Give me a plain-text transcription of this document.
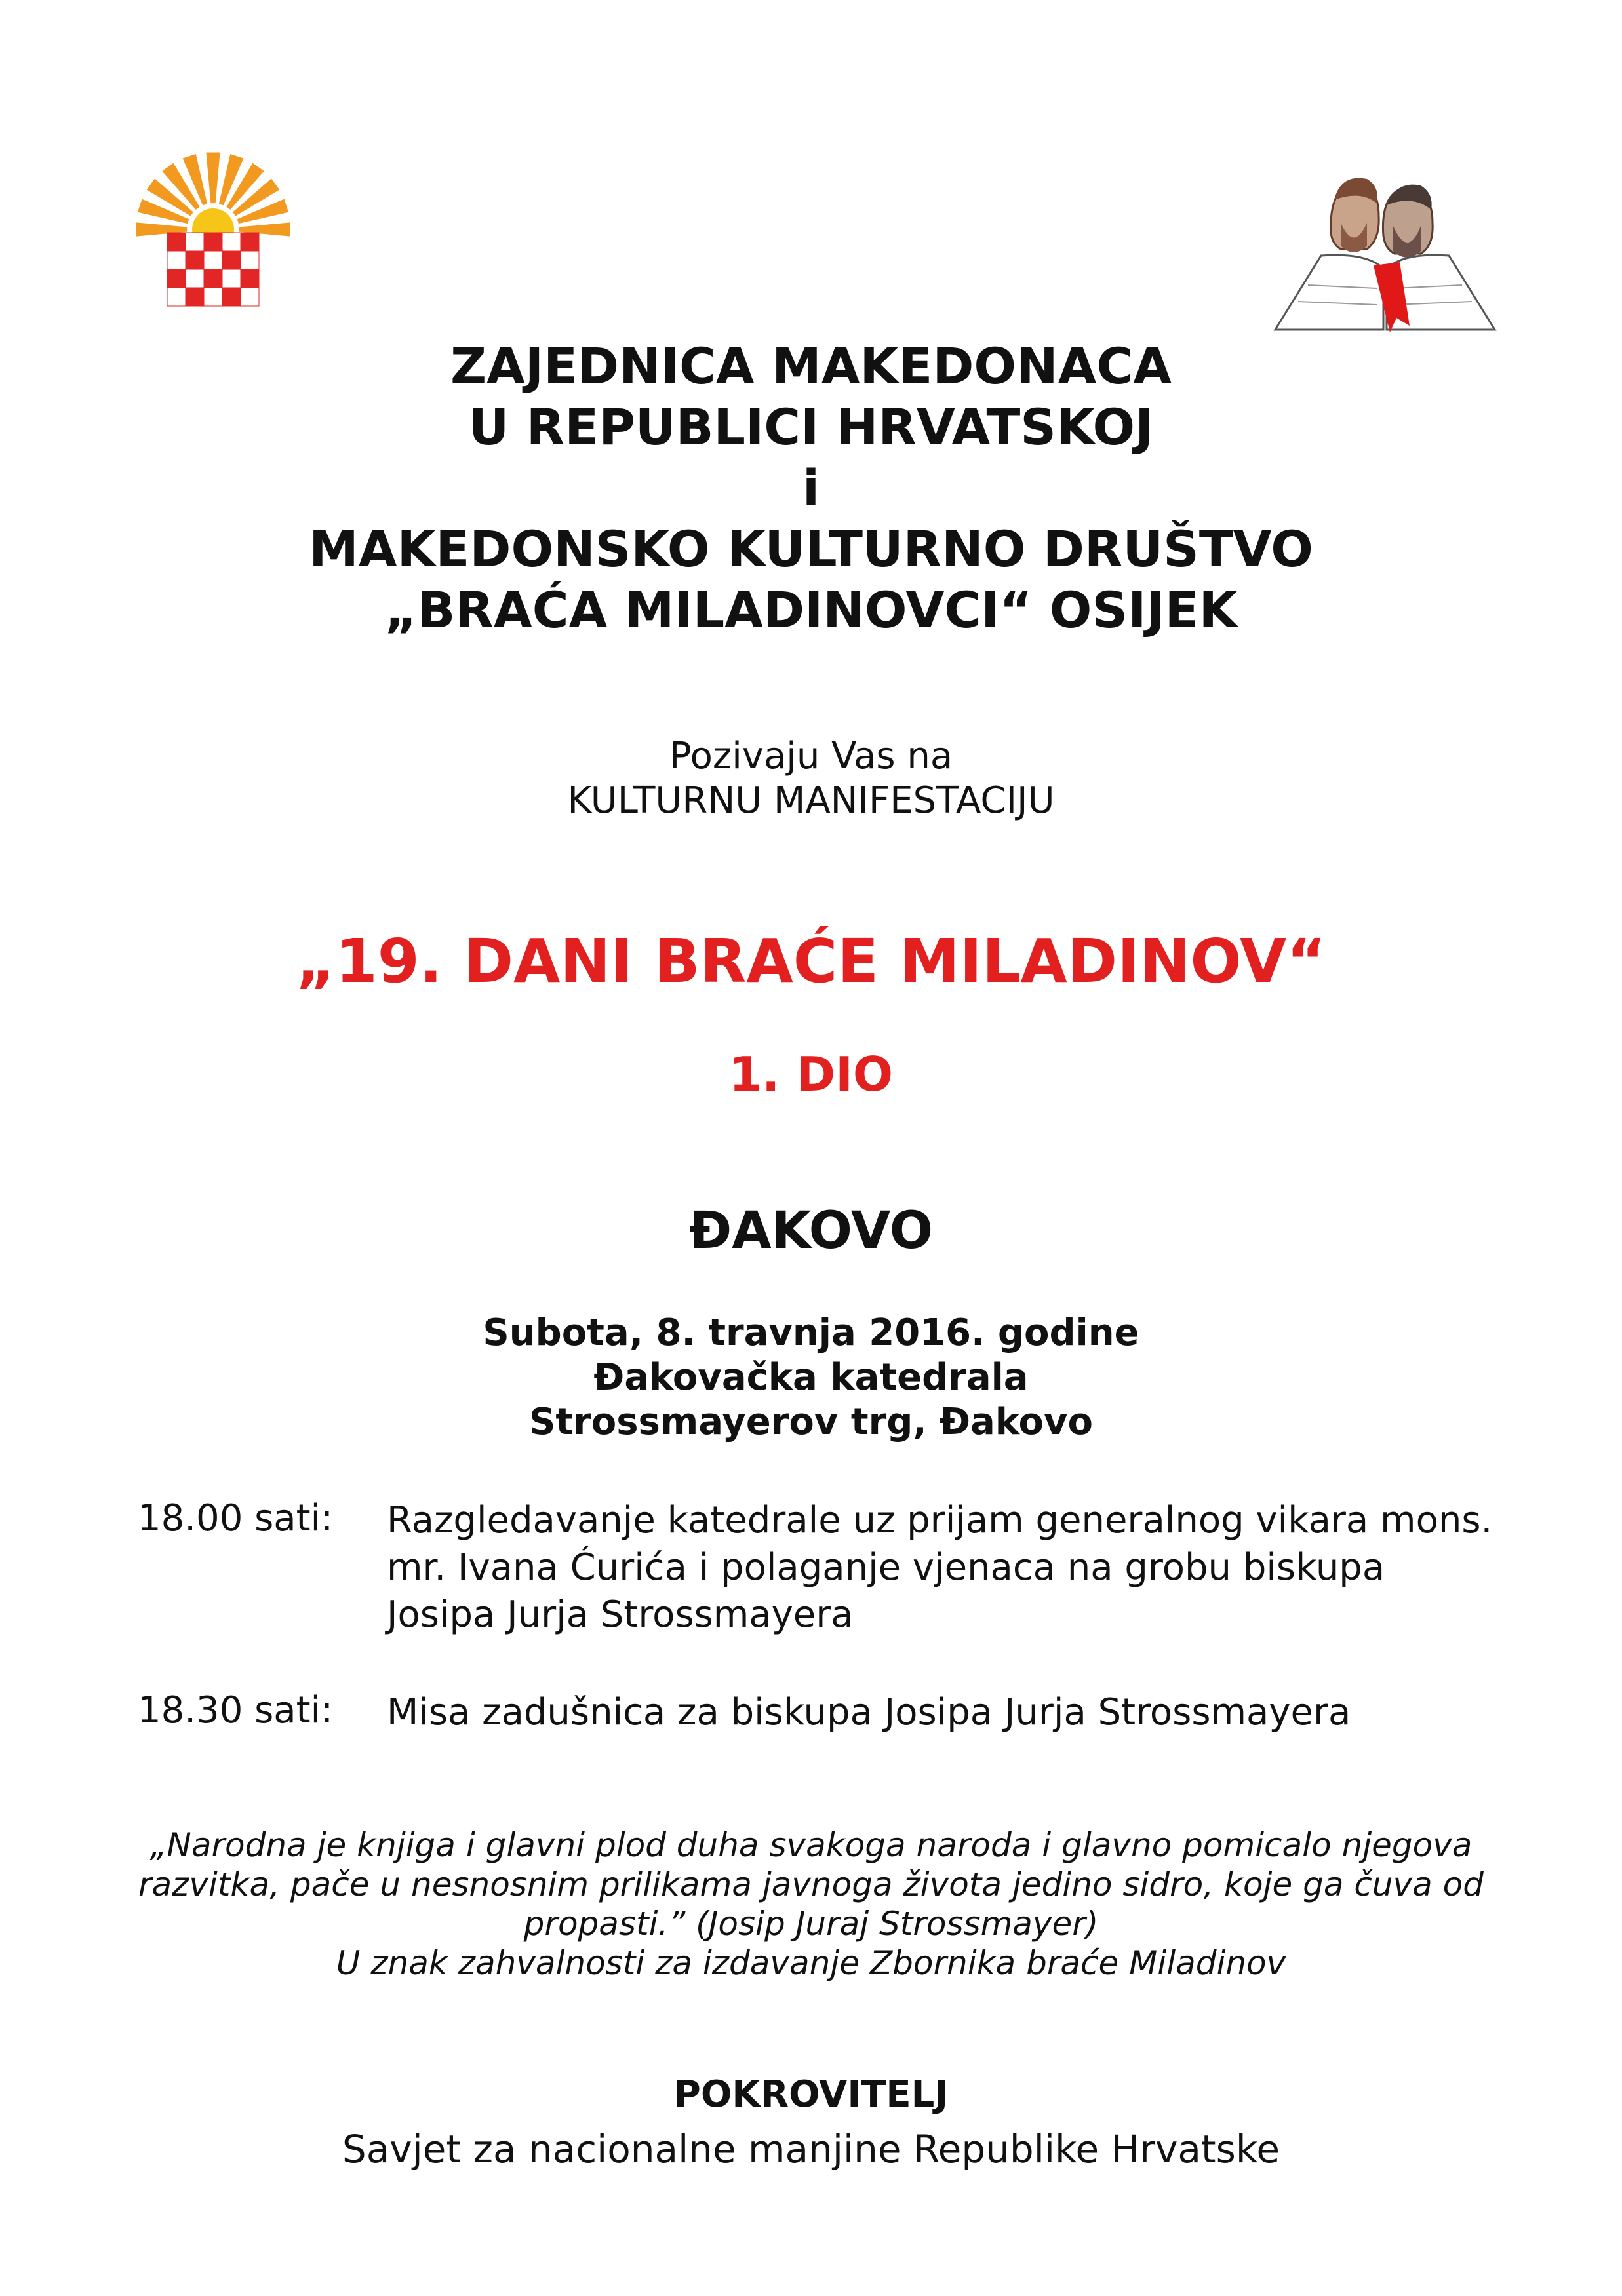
ZAJEDNICA MAKEDONACA
U REPUBLICI HRVATSKOJ
i
MAKEDONSKO KULTURNO DRUŠTVO
„BRAĆA MILADINOVCI“ OSIJEK
Pozivaju Vas na
KULTURNU MANIFESTACIJU
„19. DANI BRAĆE MILADINOV“
1. DIO
ĐAKOVO
Subota, 8. travnja 2016. godine
Đakovačka katedrala
Strossmayerov trg, Đakovo
18.00 sati: Razgledavanje katedrale uz prijam generalnog vikara mons. mr. Ivana Ćurića i polaganje vjenaca na grobu biskupa Josipa Jurja Strossmayera
18.30 sati: Misa zadušnica za biskupa Josipa Jurja Strossmayera
„Narodna je knjiga i glavni plod duha svakoga naroda i glavno pomicalo njegova
razvitka, pače u nesnosnim prilikama javnoga života jedino sidro, koje ga čuva od
propasti.” (Josip Juraj Strossmayer)
U znak zahvalnosti za izdavanje Zbornika braće Miladinov
POKROVITELJ
Savjet za nacionalne manjine Republike Hrvatske
